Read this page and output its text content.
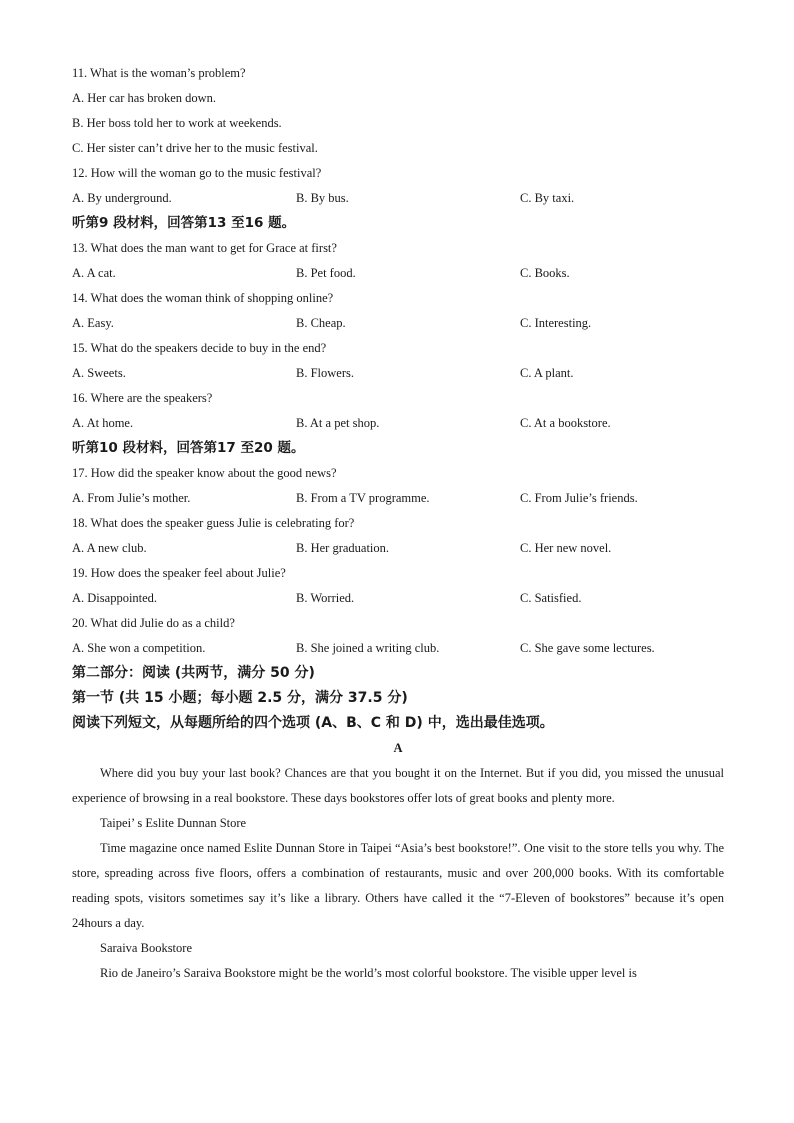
11. What is the woman’s problem?
A. Her car has broken down.
B. Her boss told her to work at weekends.
C. Her sister can’t drive her to the music festival.
12. How will the woman go to the music festival?
A. By underground.	B. By bus.	C. By taxi.
听第9 段材料，回答第13 至16 题。
13. What does the man want to get for Grace at first?
A. A cat.	B. Pet food.	C. Books.
14. What does the woman think of shopping online?
A. Easy.	B. Cheap.	C. Interesting.
15. What do the speakers decide to buy in the end?
A. Sweets.	B. Flowers.	C. A plant.
16. Where are the speakers?
A. At home.	B. At a pet shop.	C. At a bookstore.
听第10 段材料，回答第17 至20 题。
17. How did the speaker know about the good news?
A. From Julie’s mother.	B. From a TV programme.	C. From Julie’s friends.
18. What does the speaker guess Julie is celebrating for?
A. A new club.	B. Her graduation.	C. Her new novel.
19. How does the speaker feel about Julie?
A. Disappointed.	B. Worried.	C. Satisfied.
20. What did Julie do as a child?
A. She won a competition.	B. She joined a writing club.	C. She gave some lectures.
第二部分：阅读 (共两节，满分 50 分)
第一节 (共 15 小题；每小题 2.5 分，满分 37.5 分)
阅读下列短文，从每题所给的四个选项 (A、B、C 和 D) 中，选出最佳选项。
A

Where did you buy your last book? Chances are that you bought it on the Internet. But if you did, you missed the unusual experience of browsing in a real bookstore. These days bookstores offer lots of great books and plenty more.

Taipei’ s Eslite Dunnan Store

Time magazine once named Eslite Dunnan Store in Taipei “Asia’s best bookstore!”. One visit to the store tells you why. The store, spreading across five floors, offers a combination of restaurants, music and over 200,000 books. With its comfortable reading spots, visitors sometimes say it’s like a library. Others have called it the “7-Eleven of bookstores” because it’s open 24hours a day.

Saraiva Bookstore

Rio de Janeiro’s Saraiva Bookstore might be the world’s most colorful bookstore. The visible upper level is
